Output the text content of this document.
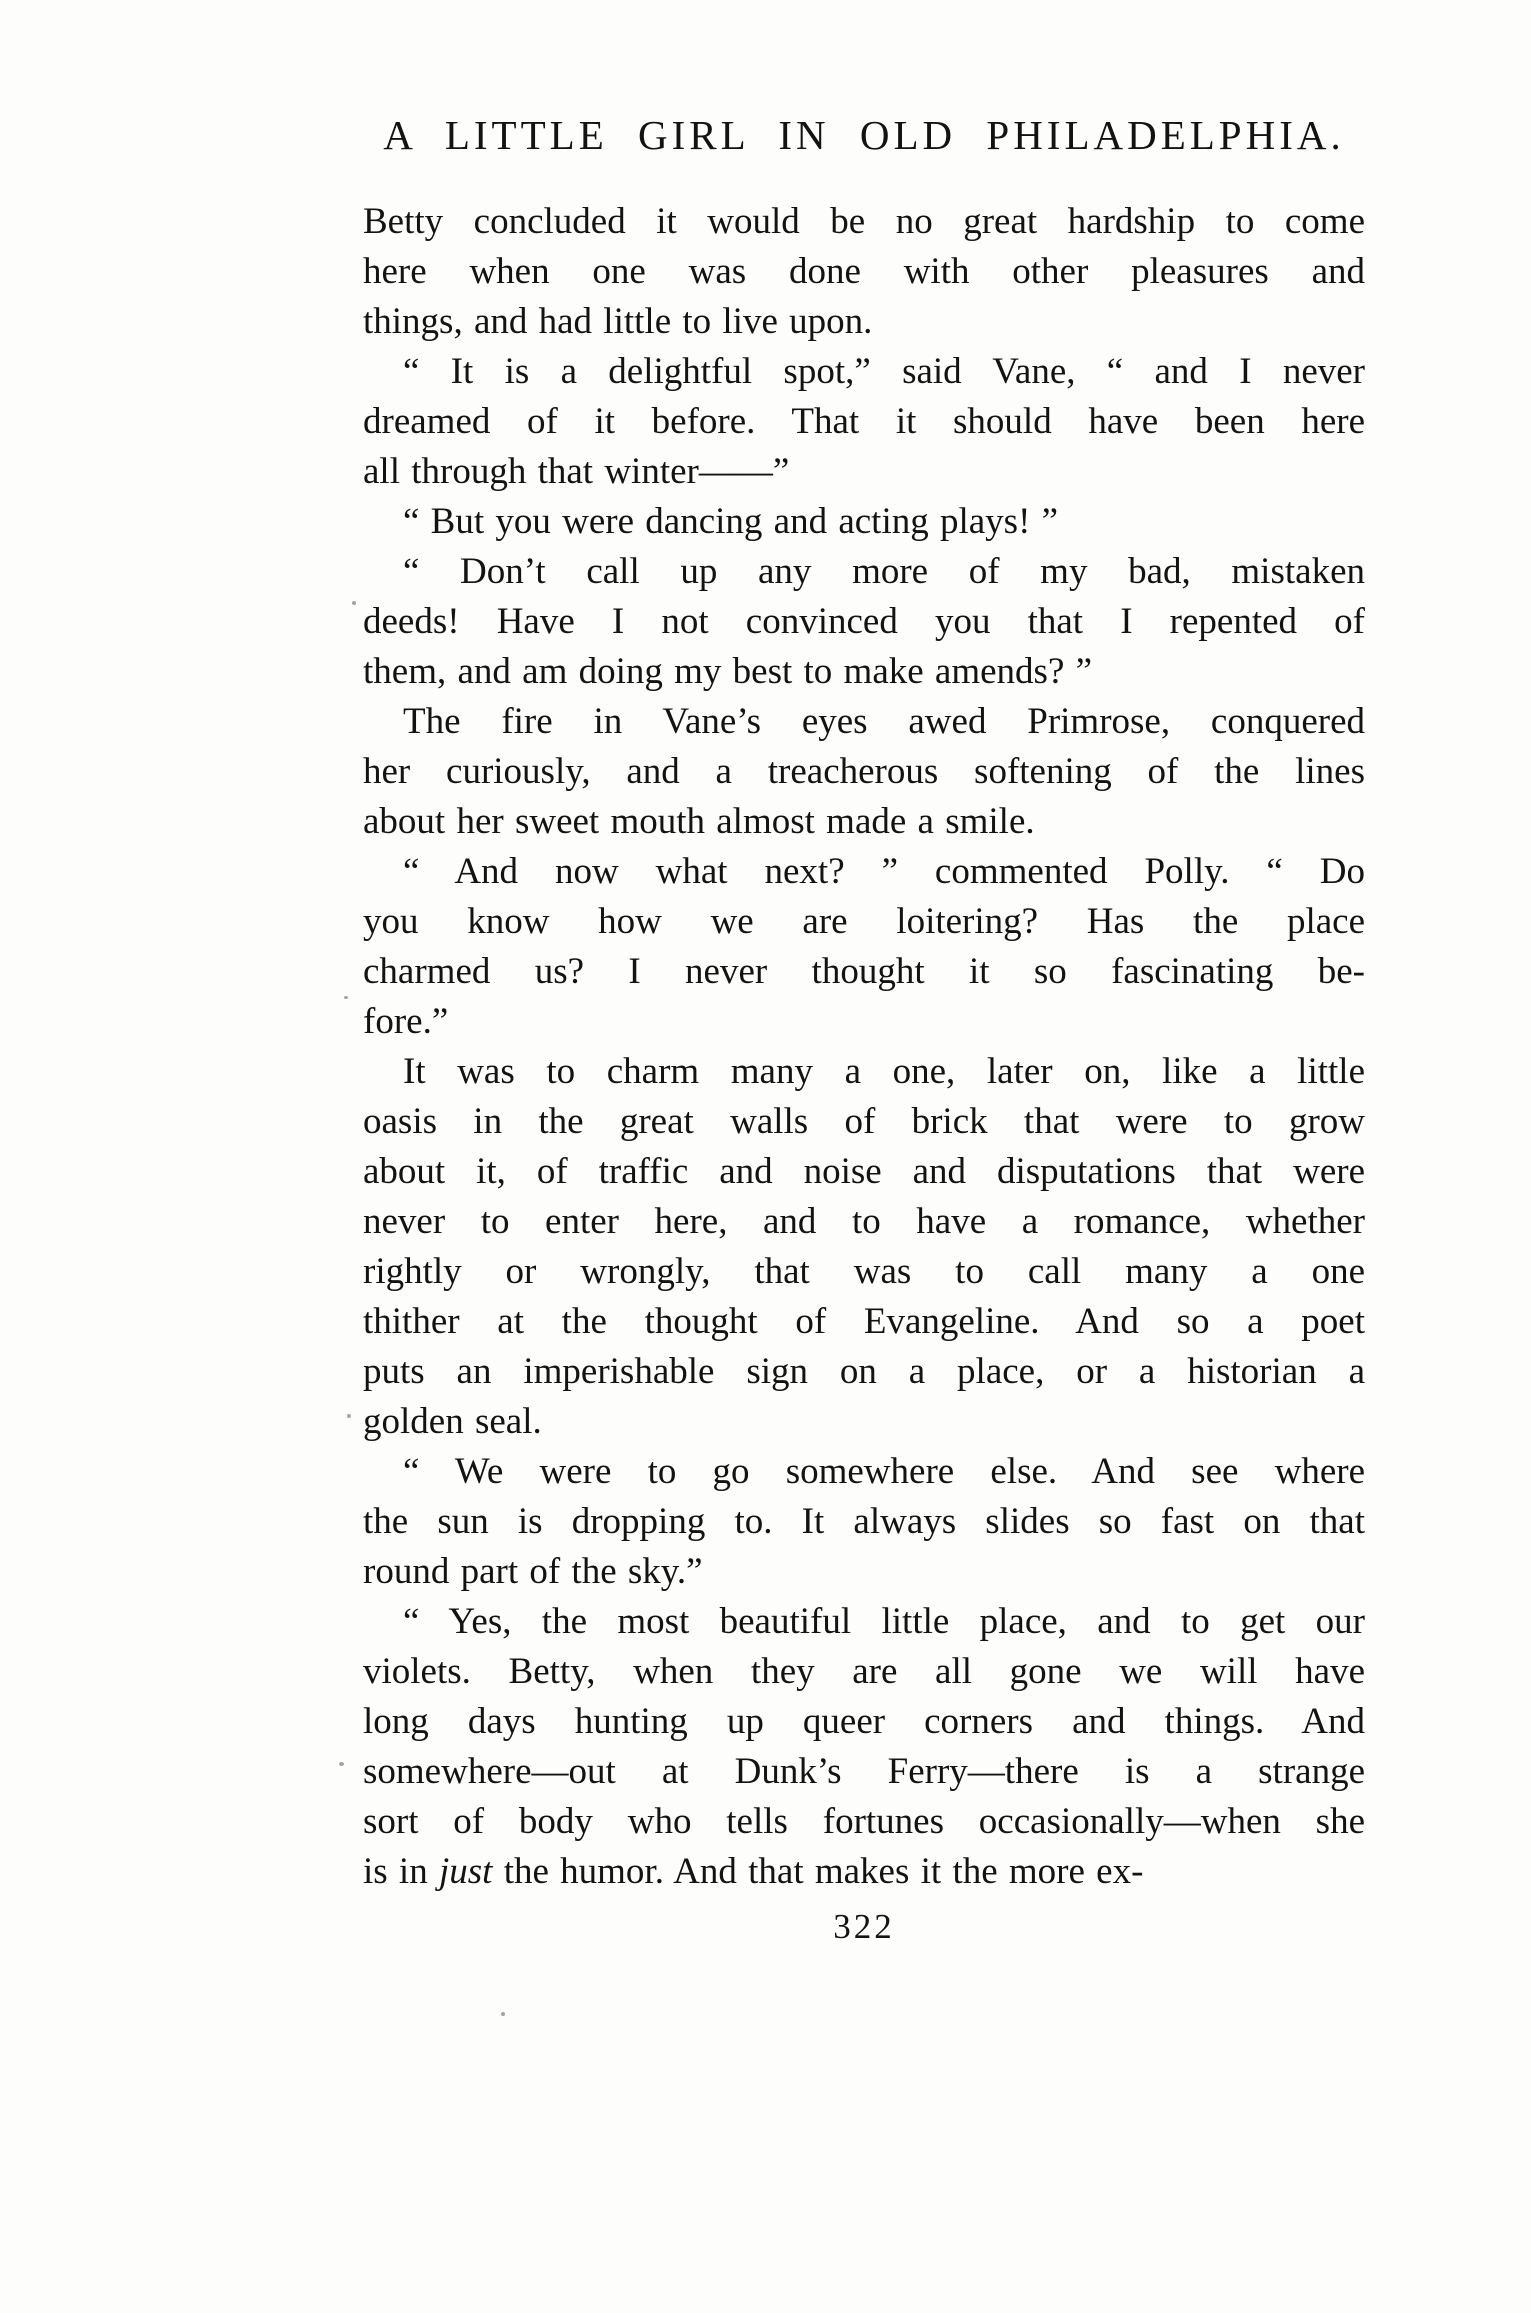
A LITTLE GIRL IN OLD PHILADELPHIA.
Betty concluded it would be no great hardship to come
here when one was done with other pleasures and
things, and had little to live upon.
“ It is a delightful spot,” said Vane, “ and I never
dreamed of it before. That it should have been here
all through that winter——”
“ But you were dancing and acting plays! ”
“ Don’t call up any more of my bad, mistaken
deeds! Have I not convinced you that I repented of
them, and am doing my best to make amends? ”
The fire in Vane’s eyes awed Primrose, conquered
her curiously, and a treacherous softening of the lines
about her sweet mouth almost made a smile.
“ And now what next? ” commented Polly. “ Do
you know how we are loitering? Has the place
charmed us? I never thought it so fascinating be-
fore.”
It was to charm many a one, later on, like a little
oasis in the great walls of brick that were to grow
about it, of traffic and noise and disputations that were
never to enter here, and to have a romance, whether
rightly or wrongly, that was to call many a one
thither at the thought of Evangeline. And so a poet
puts an imperishable sign on a place, or a historian a
golden seal.
“ We were to go somewhere else. And see where
the sun is dropping to. It always slides so fast on that
round part of the sky.”
“ Yes, the most beautiful little place, and to get our
violets. Betty, when they are all gone we will have
long days hunting up queer corners and things. And
somewhere—out at Dunk’s Ferry—there is a strange
sort of body who tells fortunes occasionally—when she
is in just the humor. And that makes it the more ex-
322
